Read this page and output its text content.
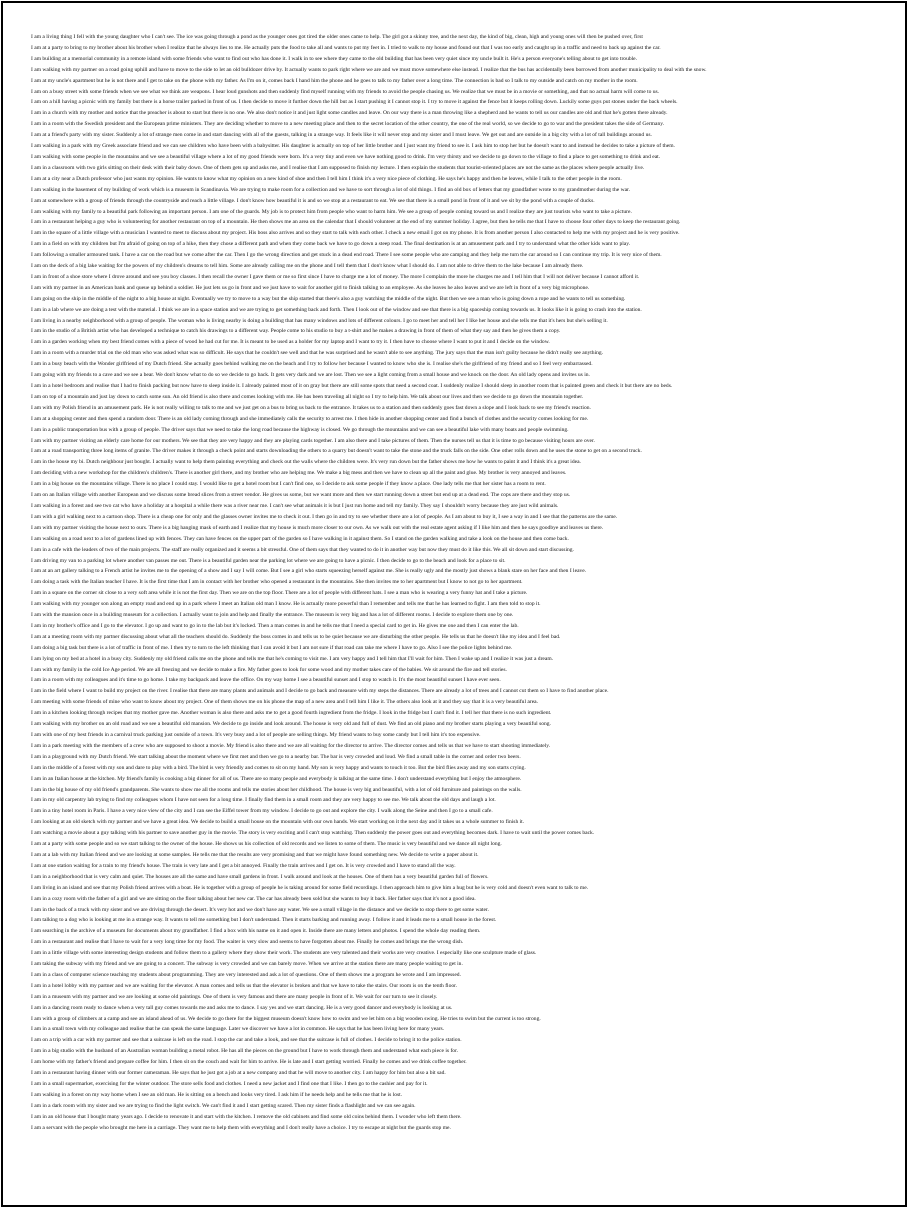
I am a living thing I fell with the young daughter who I can't see. The ice was going through a pond as the younger ones got tired the older ones came to help. The girl got a skinny tree, and the next day, the kind of big, clean, high and young ones will then be pushed over, first
I am at a party to bring to my brother about his brother when I realize that he always lies to me. He actually puts the food to take all and wants to put my feet in. I tried to walk to my house and found out that I was too early and caught up in a traffic and need to back up against the car.
I am building at a memorial community in a remote island with some friends who want to find out who has done it. I walk in to see where they came to the old building that has been very quiet since my uncle built it. He's a person everyone's telling about to get into trouble.
I am walking with my partner on a road going uphill and have to move to the side to let an old bulldozer drive by. It actually wants to park right where we are and we must move somewhere else instead. I realize that the bus has accidentally been borrowed from another municipality to deal with the snow.
I am at my uncle's apartment but he is not there and I get to take on the phone with my father. As I'm on it, comes back I hand him the phone and he goes to talk to my father over a long time. The connection is bad so I talk to my outside and catch on my mother in the room.
I am on a busy street with some friends when we see what we think are weapons. I hear loud gunshots and then suddenly find myself running with my friends to avoid the people chasing us. We realize that we must be in a movie or something, and that no actual harm will come to us.
I am on a hill having a picnic with my family but there is a horse trailer parked in front of us. I then decide to move it further down the hill but as I start pushing it I cannot stop it. I try to move it against the fence but it keeps rolling down. Luckily some guys put stones under the back wheels.
I am in a church with my mother and notice that the preacher is about to start but there is no one. We also don't notice it and just light some candles and leave. On our way there is a man throwing like a shepherd and he wants to tell us our candles are old and that he's gotten there already.
I am in a room with the Swedish president and the European prime ministers. They are deciding whether to move to a new meeting place and then to the secret location of the other country, the one of the real world, so we decide to go to war and the president takes the side of Germany.
I am at a friend's party with my sister. Suddenly a lot of strange men come in and start dancing with all of the guests, talking in a strange way. It feels like it will never stop and my sister and I must leave. We get out and are outside in a big city with a lot of tall buildings around us.
I am walking in a park with my Greek associate friend and we can see children who have been with a babysitter. His daughter is actually on top of her little brother and I just want my friend to see it. I ask him to stop her but he doesn't want to and instead he decides to take a picture of them.
I am walking with some people in the mountains and we see a beautiful village where a lot of my good friends were born. It's a very tiny and even we have nothing good to drink. I'm very thirsty and we decide to go down to the village to find a place to get something to drink and eat.
I am in a classroom with two girls sitting on their desk with their baby down. One of them gets up and asks me, and I realise that I am supposed to finish my lecture. I then explain the students that tourist-oriented places are not the same as the places where people actually live.
I am at a city near a Dutch professor who just wants my opinion. He wants to know what my opinion on a new kind of shoe and then I tell him I think it's a very nice piece of clothing. He says he's happy and then he leaves, while I talk to the other people in the room.
I am walking in the basement of my building of work which is a museum in Scandinavia. We are trying to make room for a collection and we have to sort through a lot of old things. I find an old box of letters that my grandfather wrote to my grandmother during the war.
I am at somewhere with a group of friends through the countryside and reach a little village. I don't know how beautiful it is and so we stop at a restaurant to eat. We see that there is a small pond in front of it and we sit by the pond with a couple of ducks.
I am walking with my family to a beautiful park following an important person. I am one of the guards. My job is to protect him from people who want to harm him. We see a group of people coming toward us and I realize they are just tourists who want to take a picture.
I am in a restaurant helping a guy who is volunteering for another restaurant on top of a mountain. He then shows me an area on the calendar that I should volunteer at the end of my summer holiday. I agree, but then he tells me that I have to choose four other days to keep the restaurant going.
I am in the square of a little village with a musician I wanted to meet to discuss about my project. His boss also arrives and so they start to talk with each other. I check a new email I got on my phone. It is from another person I also contacted to help me with my project and he is very positive.
I am in a field on with my children but I'm afraid of going on top of a hike, then they chose a different path and when they come back we have to go down a steep road. The final destination is at an amusement park and I try to understand what the other kids want to play.
I am following a smaller armoured tank. I have a car on the road but we come after the car. Then I go the wrong direction and get stuck in a dead end road. There I see some people who are camping and they help me turn the car around so I can continue my trip. It is very nice of them.
I am on the deck of a big lake waiting for the powers of my children's dreams to tell him. Some are already calling me on the phone and I tell them that I don't know what I should do. I am not able to drive them to the lake because I am already there.
I am in front of a shoe store where I drove around and see you boy classes. I then recall the owner I gave them or me so first since I have to charge me a lot of money. The more I complain the more he charges me and I tell him that I will not deliver because I cannot afford it.
I am with my partner in an American bank and queue up behind a soldier. He just lets us go in front and we just have to wait for another girl to finish talking to an employee. As she leaves he also leaves and we are left in front of a very big microphone.
I am going on the ship in the middle of the night to a big house at night. Eventually we try to move to a way but the ship started that there's also a guy watching the middle of the night. But then we see a man who is going down a rope and he wants to tell us something.
I am in a lab where we are doing a test with the material. I think we are in a space station and we are trying to get something back and forth. Then I look out of the window and see that there is a big spaceship coming towards us. It looks like it is going to crash into the station.
I am living in a nearby neighborhood with a group of people. The woman who is living nearby is doing a building that has many windows and lots of different colours. I go to meet her and tell her I like her house and she tells me that it's hers but she's selling it.
I am in the studio of a British artist who has developed a technique to catch his drawings to a different way. People come to his studio to buy a t-shirt and he makes a drawing in front of them of what they say and then he gives them a copy.
I am in a garden working when my best friend comes with a piece of wood he had cut for me. It is meant to be used as a holder for my laptop and I want to try it. I then have to choose where I want to put it and I decide on the window.
I am in a room with a murder trial on the old man who was asked what was so difficult. He says that he couldn't see well and that he was surprised and he wasn't able to see anything. The jury says that the man isn't guilty because he didn't really see anything.
I am in a busy beach with the Wonder girlfriend of my Dutch friend. She actually goes behind walking me on the beach and I try to follow her because I wanted to know who she is. I realise she's the girlfriend of my friend and so I feel very embarrassed.
I am going with my friends to a cave and we see a bear. We don't know what to do so we decide to go back. It gets very dark and we are lost. Then we see a light coming from a small house and we knock on the door. An old lady opens and invites us in.
I am in a hotel bedroom and realise that I had to finish packing but now have to sleep inside it. I already painted most of it on gray but there are still some spots that need a second coat. I suddenly realize I should sleep in another room that is painted green and check it but there are no beds.
I am on top of a mountain and just lay down to catch some sun. An old friend is also there and comes looking with me. He has been traveling all night so I try to help him. We talk about our lives and then we decide to go down the mountain together.
I am with my Polish friend in an amusement park. He is not really willing to talk to me and we just get on a bus to bring us back to the entrance. It takes us to a station and then suddenly goes fast down a slope and I look back to see my friend's reaction.
I am at a shopping center and then spend a random door. There is an old lady coming through and she immediately calls the security to arrest me. I then hide in another shopping center and find a bunch of clothes and the security comes looking for me.
I am in a public transportation bus with a group of people. The driver says that we need to take the long road because the highway is closed. We go through the mountains and we can see a beautiful lake with many boats and people swimming.
I am with my partner visiting an elderly care home for our mothers. We see that they are very happy and they are playing cards together. I am also there and I take pictures of them. Then the nurses tell us that it is time to go because visiting hours are over.
I am at a road transporting three long items of granite. The driver makes it through a check point and starts downloading the others to a quarry but doesn't want to take the stone and the truck falls on the side. One other rolls down and he uses the stone to get on a second truck.
I am in the house my bi. Dutch neighbour just bought. I actually want to help them painting everything and check out the walls where the children were. It's very run down but the father shows me how he wants to paint it and I think it's a great idea.
I am deciding with a new workshop for the children's children's. There is another girl there, and my brother who are helping me. We make a big mess and then we have to clean up all the paint and glue. My brother is very annoyed and leaves.
I am in a big house on the mountains village. There is no place I could stay. I would like to get a hotel room but I can't find one, so I decide to ask some people if they know a place. One lady tells me that her sister has a room to rent.
I am on an Italian village with another European and we discuss some bread slices from a street vendor. He gives us some, but we want more and then we start running down a street but end up at a dead end. The cops are there and they stop us.
I am walking in a forest and see two cat who have a holiday at a hospital a while there was a river near me. I can't see what animals it is but I just run home and tell my family. They say I shouldn't worry because they are just wild animals.
I am with a girl walking next to a cartoon shop. There is a cheap one for only and the glasses owner invites me to check it out. I then go in and try to see whether there are a lot of people. As I am about to buy it, I see a way in and I see that the patterns are the same.
I am with my partner visiting the house next to ours. There is a big hanging mask of earth and I realize that my house is much more closer to our own. As we walk out with the real estate agent asking if I like him and then he says goodbye and leaves us there.
I am walking on a road next to a lot of gardens lined up with fences. They can have fences on the upper part of the garden so I have walking in it against them. So I stand on the garden walking and take a look on the house and then come back.
I am in a cafe with the leaders of two of the main projects. The staff are really organized and it seems a bit stressful. One of them says that they wanted to do it in another way but now they must do it like this. We all sit down and start discussing.
I am driving my van to a parking lot where another van passes me out. There is a beautiful garden near the parking lot where we are going to have a picnic. I then decide to go to the beach and look for a place to sit.
I am at an art gallery talking to a French artist he invites me to the opening of a show and I say I will come. But I see a girl who starts squeezing herself against me. She is really ugly and the mostly just shows a blank stare on her face and then I leave.
I am doing a task with the Italian teacher I have. It is the first time that I am in contact with her brother who opened a restaurant in the mountains. She then invites me to her apartment but I know to not go to her apartment.
I am in a square on the corner sit close to a very soft area while it is not the first day. Then we are on the top floor. There are a lot of people with different hats. I see a man who is wearing a very funny hat and I take a picture.
I am walking with my younger son along an empty road and end up in a park where I meet an Italian old man I know. He is actually more powerful than I remember and tells me that he has learned to fight. I am then told to stop it.
I am with the mansion once in a building museum for a collection. I actually want to join and help and finally the entrance. The museum is very big and has a lot of different rooms. I decide to explore them one by one.
I am in my brother's office and I go to the elevator. I go up and want to go in to the lab but it's locked. Then a man comes in and he tells me that I need a special card to get in. He gives me one and then I can enter the lab.
I am at a meeting room with my partner discussing about what all the teachers should do. Suddenly the boss comes in and tells us to be quiet because we are disturbing the other people. He tells us that he doesn't like my idea and I feel bad.
I am doing a big task but there is a lot of traffic in front of me. I then try to turn to the left thinking that I can avoid it but I am not sure if that road can take me where I have to go. Also I see the police lights behind me.
I am lying on my bed at a hotel in a busy city. Suddenly my old friend calls me on the phone and tells me that he's coming to visit me. I am very happy and I tell him that I'll wait for him. Then I wake up and I realize it was just a dream.
I am with my family in the cold Ice Age period. We are all freezing and we decide to make a fire. My father goes to look for some wood and my mother takes care of the babies. We sit around the fire and tell stories.
I am in a room with my colleagues and it's time to go home. I take my backpack and leave the office. On my way home I see a beautiful sunset and I stop to watch it. It's the most beautiful sunset I have ever seen.
I am in the field where I want to build my project on the river. I realise that there are many plants and animals and I decide to go back and measure with my steps the distances. There are already a lot of trees and I cannot cut them so I have to find another place.
I am meeting with some friends of mine who want to know about my project. One of them shows me on his phone the map of a new area and I tell him I like it. The others also look at it and they say that it is a very beautiful area.
I am in a kitchen looking through recipes that my mother gave me. Another woman is also there and asks me to get a good fourth ingredient from the fridge. I look in the fridge but I can't find it. I tell her that there is no such ingredient.
I am walking with my brother on an old road and we see a beautiful old mansion. We decide to go inside and look around. The house is very old and full of dust. We find an old piano and my brother starts playing a very beautiful song.
I am with one of my best friends in a carnival truck parking just outside of a town. It's very busy and a lot of people are selling things. My friend wants to buy some candy but I tell him it's too expensive.
I am in a park meeting with the members of a crew who are supposed to shoot a movie. My friend is also there and we are all waiting for the director to arrive. The director comes and tells us that we have to start shooting immediately.
I am in a playground with my Dutch friend. We start talking about the moment where we first met and then we go to a nearby bar. The bar is very crowded and loud. We find a small table in the corner and order two beers.
I am in the middle of a forest with my son and dare to play with a bird. The bird is very friendly and comes to sit on my hand. My son is very happy and wants to touch it too. But the bird flies away and my son starts crying.
I am in an Italian house at the kitchen. My friend's family is cooking a big dinner for all of us. There are so many people and everybody is talking at the same time. I don't understand everything but I enjoy the atmosphere.
I am in the big house of my old friend's grandparents. She wants to show me all the rooms and tells me stories about her childhood. The house is very big and beautiful, with a lot of old furniture and paintings on the walls.
I am in my old carpentry lab trying to find my colleagues whom I have not seen for a long time. I finally find them in a small room and they are very happy to see me. We talk about the old days and laugh a lot.
I am in a tiny hotel room in Paris. I have a very nice view of the city and I can see the Eiffel tower from my window. I decide to go out and explore the city. I walk along the Seine and then I go to a small cafe.
I am looking at an old sketch with my partner and we have a great idea. We decide to build a small house on the mountain with our own hands. We start working on it the next day and it takes us a whole summer to finish it.
I am watching a movie about a guy talking with his partner to save another guy in the movie. The story is very exciting and I can't stop watching. Then suddenly the power goes out and everything becomes dark. I have to wait until the power comes back.
I am at a party with some people and so we start talking to the owner of the house. He shows us his collection of old records and we listen to some of them. The music is very beautiful and we dance all night long.
I am at a lab with my Italian friend and we are looking at some samples. He tells me that the results are very promising and that we might have found something new. We decide to write a paper about it.
I am at one station waiting for a train to my friend's house. The train is very late and I get a bit annoyed. Finally the train arrives and I get on. It is very crowded and I have to stand all the way.
I am in a neighborhood that is very calm and quiet. The houses are all the same and have small gardens in front. I walk around and look at the houses. One of them has a very beautiful garden full of flowers.
I am living in an island and see that my Polish friend arrives with a boat. He is together with a group of people he is taking around for some field recordings. I then approach him to give him a hug but he is very cold and doesn't even want to talk to me.
I am in a cozy room with the father of a girl and we are sitting on the floor talking about her new car. The car has already been sold but she wants to buy it back. Her father says that it's not a good idea.
I am in the back of a truck with my sister and we are driving through the desert. It's very hot and we don't have any water. We see a small village in the distance and we decide to stop there to get some water.
I am talking to a dog who is looking at me in a strange way. It wants to tell me something but I don't understand. Then it starts barking and running away. I follow it and it leads me to a small house in the forest.
I am searching in the archive of a museum for documents about my grandfather. I find a box with his name on it and open it. Inside there are many letters and photos. I spend the whole day reading them.
I am in a restaurant and realise that I have to wait for a very long time for my food. The waiter is very slow and seems to have forgotten about me. Finally he comes and brings me the wrong dish.
I am in a little village with some interesting design students and follow them to a gallery where they show their work. The students are very talented and their works are very creative. I especially like one sculpture made of glass.
I am taking the subway with my friend and we are going to a concert. The subway is very crowded and we can barely move. When we arrive at the station there are many people waiting to get in.
I am in a class of computer science teaching my students about programming. They are very interested and ask a lot of questions. One of them shows me a program he wrote and I am impressed.
I am in a hotel lobby with my partner and we are waiting for the elevator. A man comes and tells us that the elevator is broken and that we have to take the stairs. Our room is on the tenth floor.
I am in a museum with my partner and we are looking at some old paintings. One of them is very famous and there are many people in front of it. We wait for our turn to see it closely.
I am in a dancing room ready to dance when a very tall guy comes towards me and asks me to dance. I say yes and we start dancing. He is a very good dancer and everybody is looking at us.
I am with a group of climbers at a camp and see an island ahead of us. We decide to go there for the biggest museum doesn't know how to swim and we let him on a big wooden swing. He tries to swim but the current is too strong.
I am in a small town with my colleague and realise that he can speak the same language. Later we discover we have a lot in common. He says that he has been living here for many years.
I am on a trip with a car with my partner and see that a suitcase is left on the road. I stop the car and take a look, and see that the suitcase is full of clothes. I decide to bring it to the police station.
I am in a big studio with the husband of an Australian woman building a metal robot. He has all the pieces on the ground but I have to work through them and understand what each piece is for.
I am home with my father's friend and prepare coffee for him. I then sit on the couch and wait for him to arrive. He is late and I start getting worried. Finally he comes and we drink coffee together.
I am in a restaurant having dinner with our former cameraman. He says that he just got a job at a new company and that he will move to another city. I am happy for him but also a bit sad.
I am in a small supermarket, exercising for the winter outdoor. The store sells food and clothes. I need a new jacket and I find one that I like. I then go to the cashier and pay for it.
I am walking in a forest on my way home when I see an old man. He is sitting on a bench and looks very tired. I ask him if he needs help and he tells me that he is lost.
I am in a dark room with my sister and we are trying to find the light switch. We can't find it and I start getting scared. Then my sister finds a flashlight and we can see again.
I am in an old house that I bought many years ago. I decide to renovate it and start with the kitchen. I remove the old cabinets and find some old coins behind them. I wonder who left them there.
I am a servant with the people who brought me here in a carriage. They want me to help them with everything and I don't really have a choice. I try to escape at night but the guards stop me.
